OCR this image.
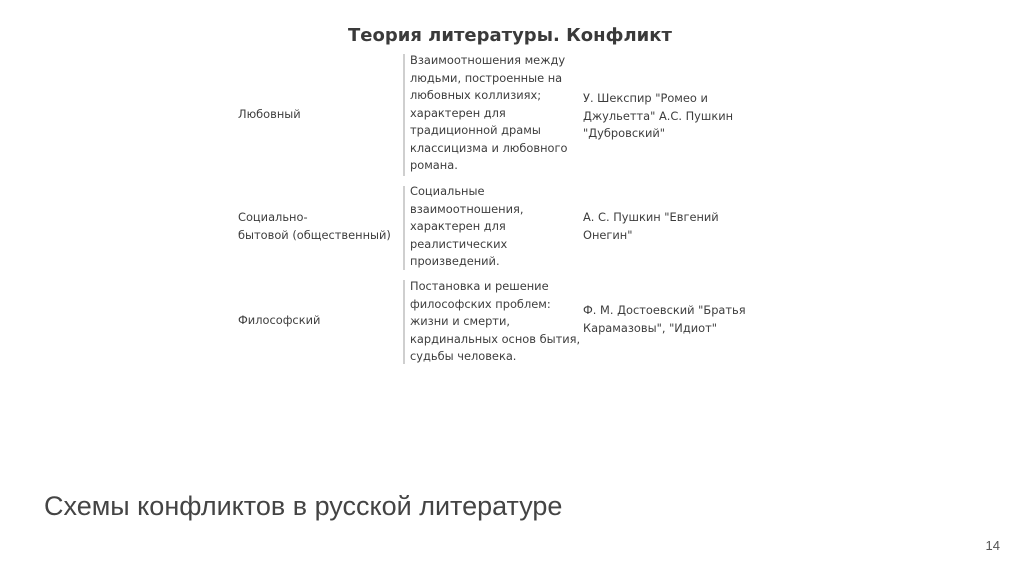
Теория литературы. Конфликт
Любовный
Взаимоотношения между
людьми, построенные на
любовных коллизиях;
характерен для
традиционной драмы
классицизма и любовного
романа.
У. Шекспир "Ромео и
Джульетта" А.С. Пушкин
"Дубровский"
Социально-
бытовой (общественный)
Социальные
взаимоотношения,
характерен для
реалистических
произведений.
А. С. Пушкин "Евгений
Онегин"
Философский
Постановка и решение
философских проблем:
жизни и смерти,
кардинальных основ бытия,
судьбы человека.
Ф. М. Достоевский "Братья
Карамазовы", "Идиот"
Схемы конфликтов в русской литературе
14
